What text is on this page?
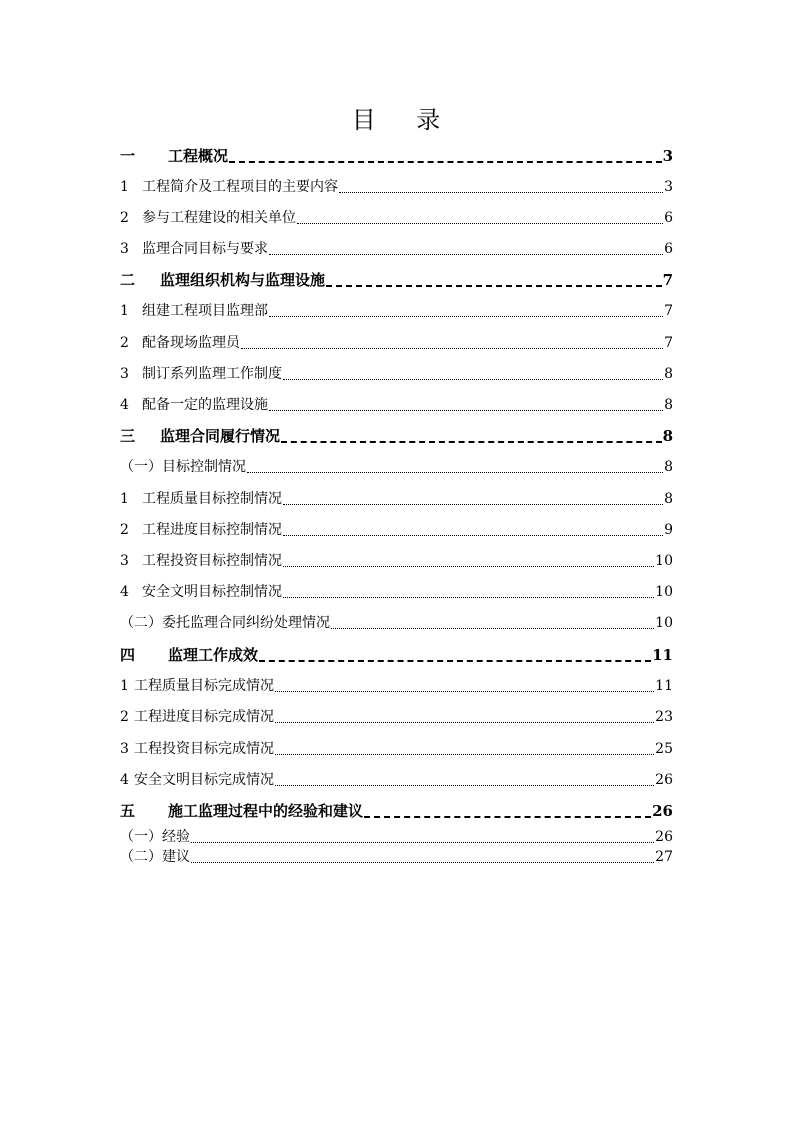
目    录
一	工程概况	3
1 工程简介及工程项目的主要内容	3
2 参与工程建设的相关单位	6
3 监理合同目标与要求	6
二	监理组织机构与监理设施	7
1 组建工程项目监理部	7
2 配备现场监理员	7
3 制订系列监理工作制度	8
4 配备一定的监理设施	8
三	监理合同履行情况	8
（一） 目标控制情况	8
1 工程质量目标控制情况	8
2 工程进度目标控制情况	9
3 工程投资目标控制情况	10
4 安全文明目标控制情况	10
（二） 委托监理合同纠纷处理情况	10
四	监理工作成效	11
1 工程质量目标完成情况	11
2 工程进度目标完成情况	23
3 工程投资目标完成情况	25
4 安全文明目标完成情况	26
五	施工监理过程中的经验和建议	26
（一） 经验	26
（二） 建议	27
